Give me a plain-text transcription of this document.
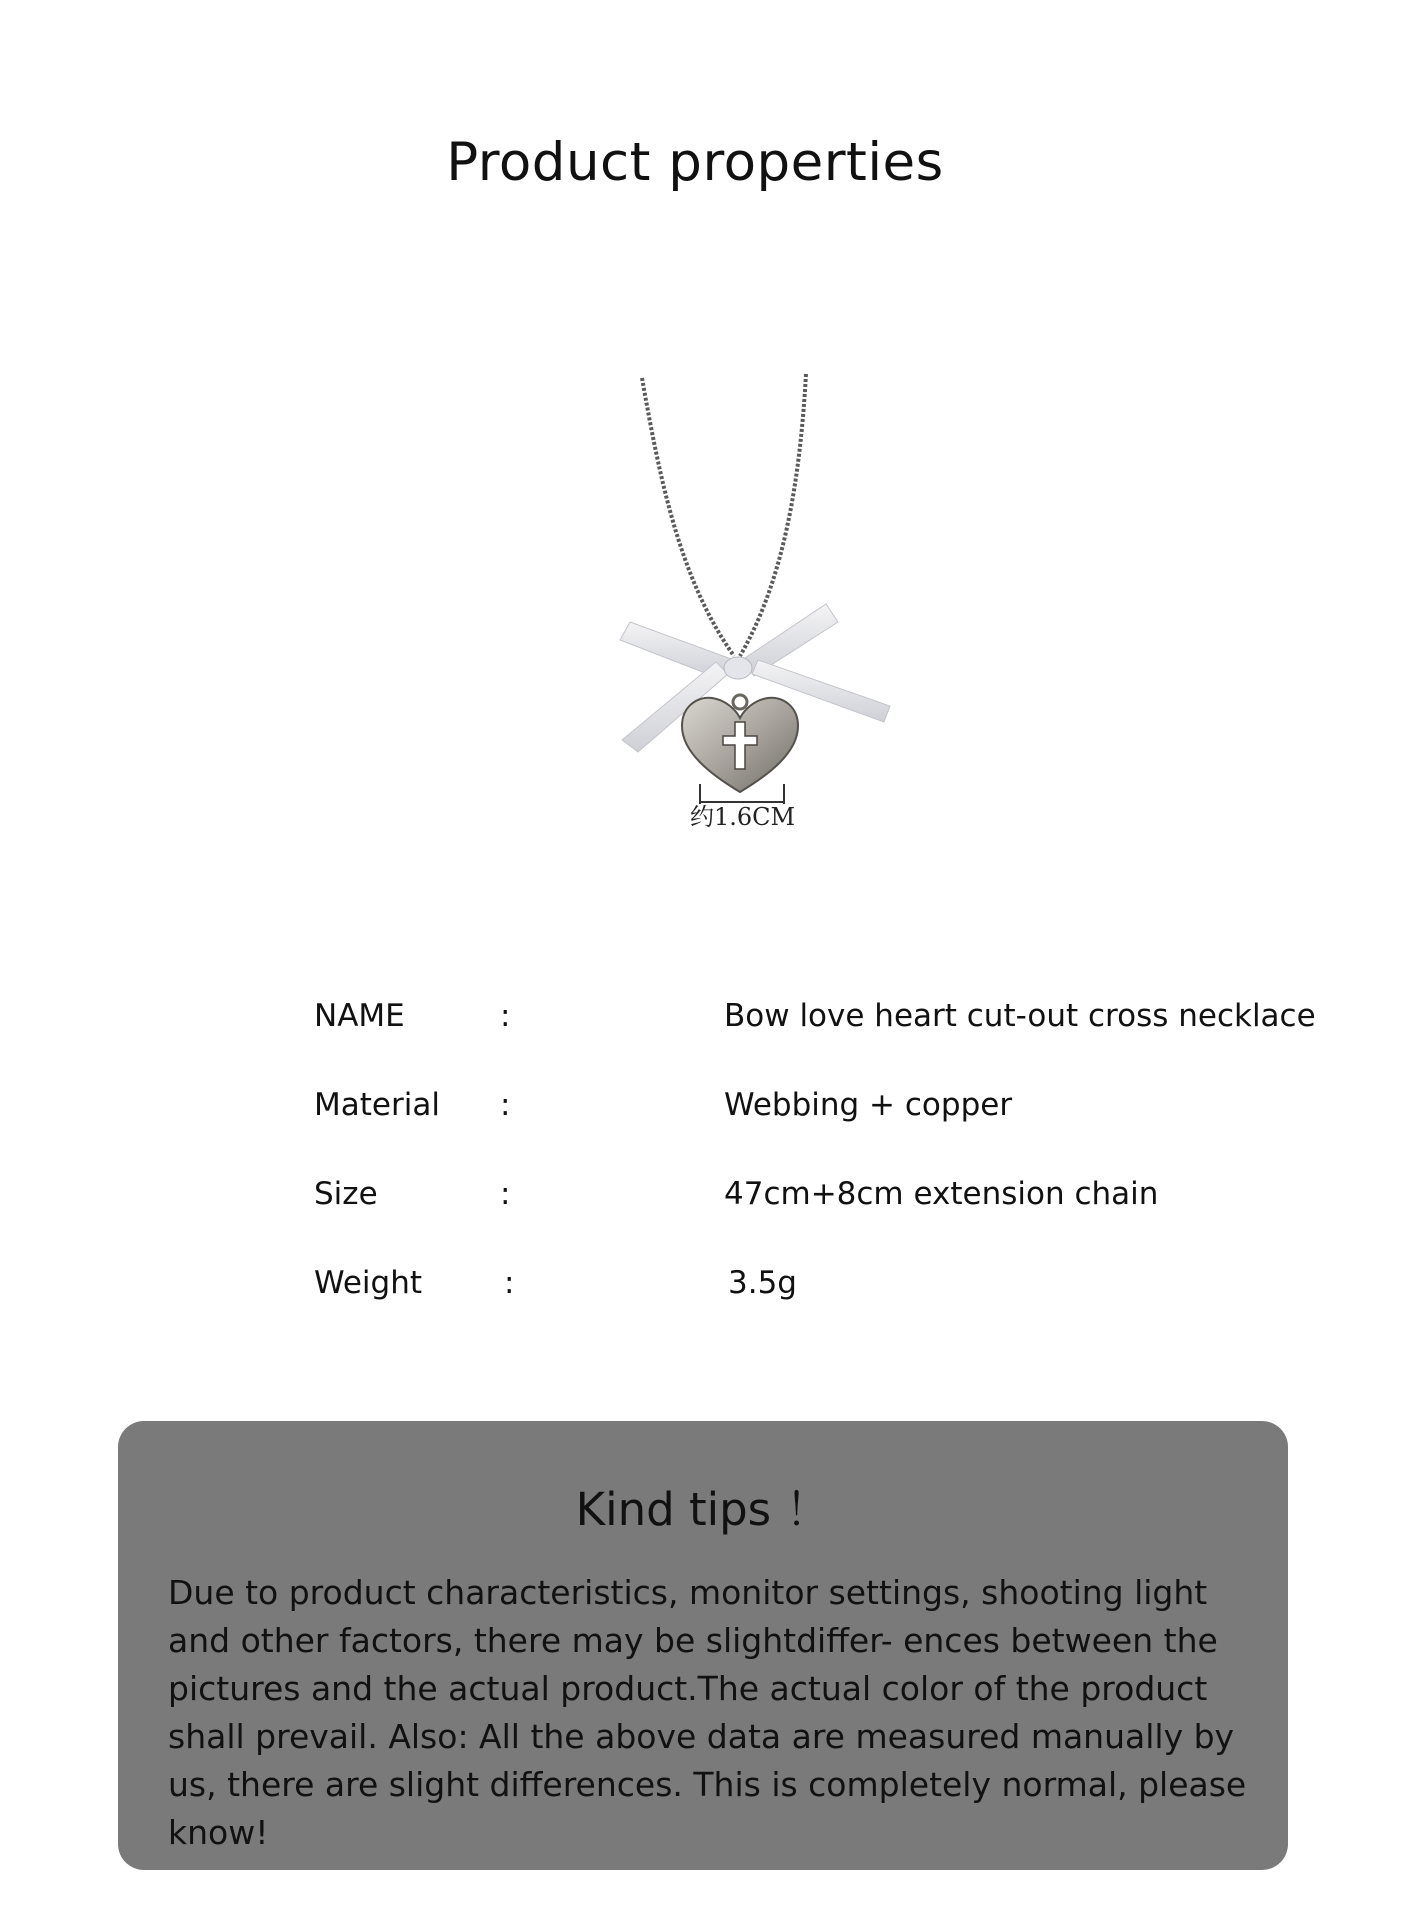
Product properties
约1.6CM
NAME	:	Bow love heart cut-out cross necklace
Material :	Webbing + copper
Size	:	47cm+8cm extension chain
Weight	:	3.5g
Kind tips ！

Due to product characteristics, monitor settings, shooting light and other factors, there may be slightdiffer- ences between the pictures and the actual product.The actual color of the product shall prevail. Also: All the above data are measured manually by us, there are slight differences. This is completely normal, please know!
